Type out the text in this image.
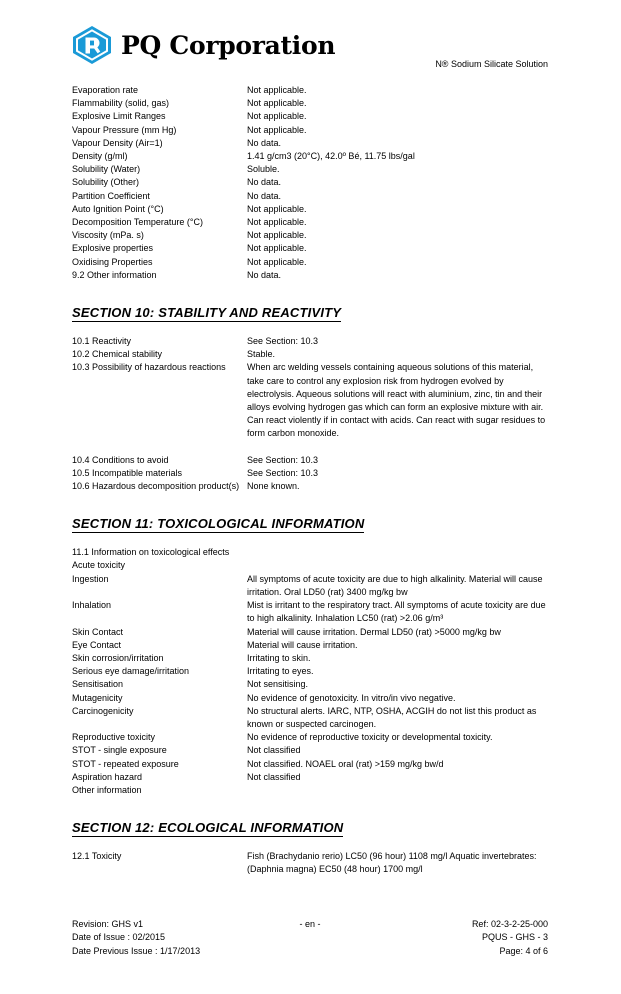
PQ Corporation
N® Sodium Silicate Solution
Evaporation rate	Not applicable.
Flammability (solid, gas)	Not applicable.
Explosive Limit Ranges	Not applicable.
Vapour Pressure (mm Hg)	Not applicable.
Vapour Density (Air=1)	No data.
Density (g/ml)	1.41 g/cm3 (20°C), 42.0º Bé, 11.75 lbs/gal
Solubility (Water)	Soluble.
Solubility (Other)	No data.
Partition Coefficient	No data.
Auto Ignition Point (°C)	Not applicable.
Decomposition Temperature (°C)	Not applicable.
Viscosity (mPa. s)	Not applicable.
Explosive properties	Not applicable.
Oxidising Properties	Not applicable.
9.2 Other information	No data.
SECTION 10: STABILITY AND REACTIVITY
10.1 Reactivity	See Section: 10.3
10.2 Chemical stability	Stable.
10.3 Possibility of hazardous reactions	When arc welding vessels containing aqueous solutions of this material, take care to control any explosion risk from hydrogen evolved by electrolysis. Aqueous solutions will react with aluminium, zinc, tin and their alloys evolving hydrogen gas which can form an explosive mixture with air. Can react violently if in contact with acids. Can react with sugar residues to form carbon monoxide.
10.4 Conditions to avoid	See Section: 10.3
10.5 Incompatible materials	See Section: 10.3
10.6 Hazardous decomposition product(s) None known.
SECTION 11: TOXICOLOGICAL INFORMATION
11.1 Information on toxicological effects
Acute toxicity
Ingestion	All symptoms of acute toxicity are due to high alkalinity. Material will cause irritation. Oral LD50 (rat) 3400 mg/kg bw
Inhalation	Mist is irritant to the respiratory tract. All symptoms of acute toxicity are due to high alkalinity. Inhalation LC50 (rat) >2.06 g/m³
Skin Contact	Material will cause irritation. Dermal LD50 (rat) >5000 mg/kg bw
Eye Contact	Material will cause irritation.
Skin corrosion/irritation	Irritating to skin.
Serious eye damage/irritation	Irritating to eyes.
Sensitisation	Not sensitising.
Mutagenicity	No evidence of genotoxicity. In vitro/in vivo negative.
Carcinogenicity	No structural alerts. IARC, NTP, OSHA, ACGIH do not list this product as known or suspected carcinogen.
Reproductive toxicity	No evidence of reproductive toxicity or developmental toxicity.
STOT - single exposure	Not classified
STOT - repeated exposure	Not classified. NOAEL oral (rat) >159 mg/kg bw/d
Aspiration hazard	Not classified
Other information
SECTION 12: ECOLOGICAL INFORMATION
12.1 Toxicity	Fish (Brachydanio rerio) LC50 (96 hour) 1108 mg/l Aquatic invertebrates: (Daphnia magna) EC50 (48 hour) 1700 mg/l
Revision: GHS v1	- en -	Ref: 02-3-2-25-000
Date of Issue : 02/2015	PQUS - GHS - 3
Date Previous Issue : 1/17/2013	Page: 4 of 6
